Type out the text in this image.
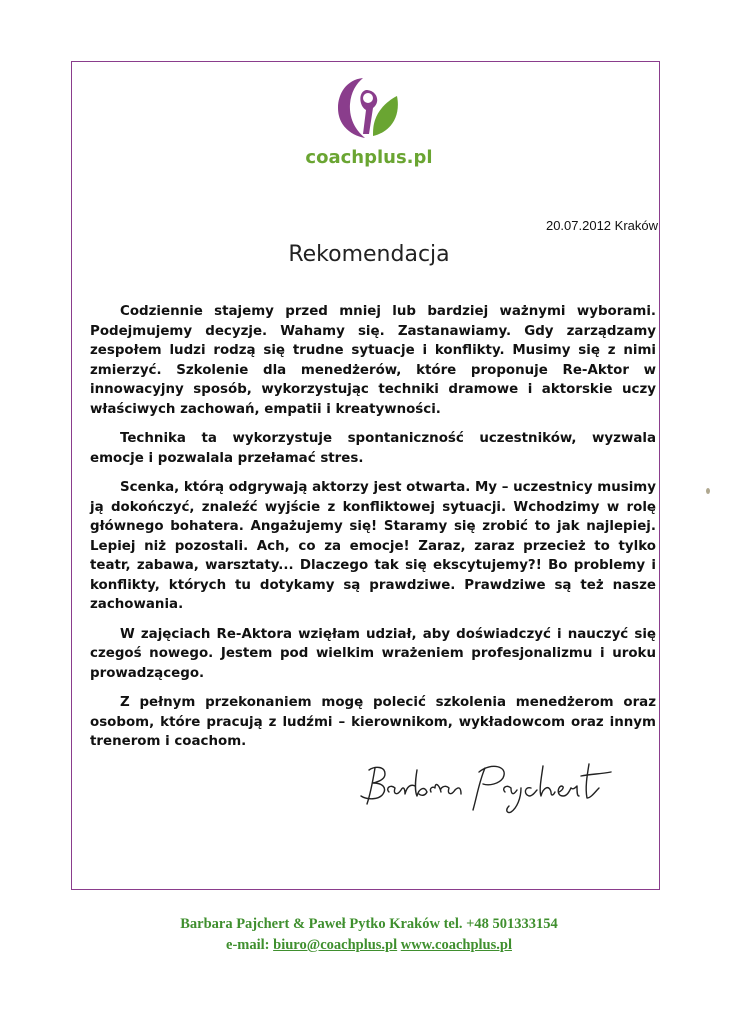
coachplus.pl
20.07.2012 Kraków
Rekomendacja

Codziennie stajemy przed mniej lub bardziej ważnymi wyborami. Podejmujemy decyzje. Wahamy się. Zastanawiamy. Gdy zarządzamy zespołem ludzi rodzą się trudne sytuacje i konflikty. Musimy się z nimi zmierzyć. Szkolenie dla menedżerów, które proponuje Re-Aktor w innowacyjny sposób, wykorzystując techniki dramowe i aktorskie uczy właściwych zachowań, empatii i kreatywności.

Technika ta wykorzystuje spontaniczność uczestników, wyzwala emocje i pozwalala przełamać stres.

Scenka, którą odgrywają aktorzy jest otwarta. My – uczestnicy musimy ją dokończyć, znaleźć wyjście z konfliktowej sytuacji. Wchodzimy w rolę głównego bohatera. Angażujemy się! Staramy się zrobić to jak najlepiej. Lepiej niż pozostali. Ach, co za emocje! Zaraz, zaraz przecież to tylko teatr, zabawa, warsztaty... Dlaczego tak się ekscytujemy?! Bo problemy i konflikty, których tu dotykamy są prawdziwe. Prawdziwe są też nasze zachowania.

W zajęciach Re-Aktora wzięłam udział, aby doświadczyć i nauczyć się czegoś nowego. Jestem pod wielkim wrażeniem profesjonalizmu i uroku prowadzącego.

Z pełnym przekonaniem mogę polecić szkolenia menedżerom oraz osobom, które pracują z ludźmi – kierownikom, wykładowcom oraz innym trenerom i coachom.

Barbara Pajchert & Paweł Pytko Kraków tel. +48 501333154
e-mail: biuro@coachplus.pl www.coachplus.pl
